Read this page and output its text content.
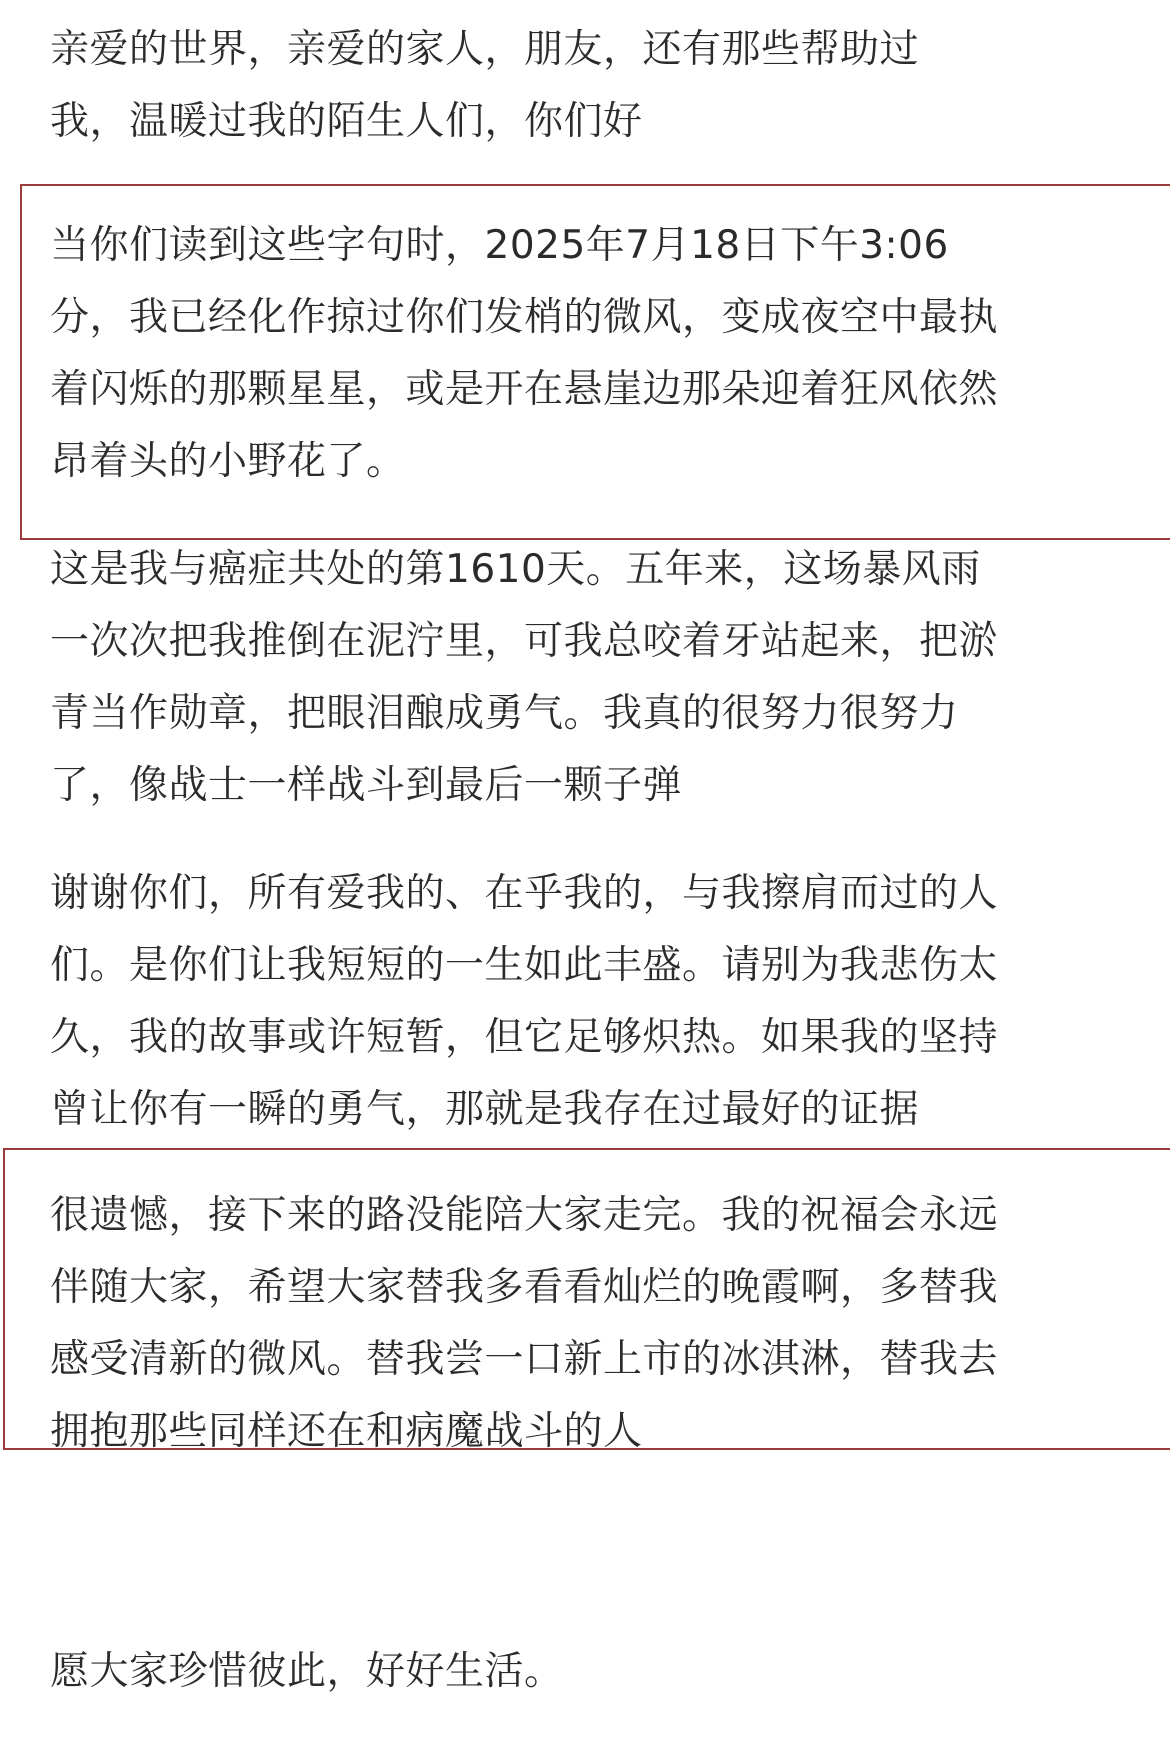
亲爱的世界，亲爱的家人，朋友，还有那些帮助过
我，温暖过我的陌生人们，你们好
当你们读到这些字句时，2025年7月18日下午3:06
分，我已经化作掠过你们发梢的微风，变成夜空中最执
着闪烁的那颗星星，或是开在悬崖边那朵迎着狂风依然
昂着头的小野花了。
这是我与癌症共处的第1610天。五年来，这场暴风雨
一次次把我推倒在泥泞里，可我总咬着牙站起来，把淤
青当作勋章，把眼泪酿成勇气。我真的很努力很努力
了，像战士一样战斗到最后一颗子弹
谢谢你们，所有爱我的、在乎我的，与我擦肩而过的人
们。是你们让我短短的一生如此丰盛。请别为我悲伤太
久，我的故事或许短暂，但它足够炽热。如果我的坚持
曾让你有一瞬的勇气，那就是我存在过最好的证据
很遗憾，接下来的路没能陪大家走完。我的祝福会永远
伴随大家，希望大家替我多看看灿烂的晚霞啊，多替我
感受清新的微风。替我尝一口新上市的冰淇淋，替我去
拥抱那些同样还在和病魔战斗的人
愿大家珍惜彼此，好好生活。
